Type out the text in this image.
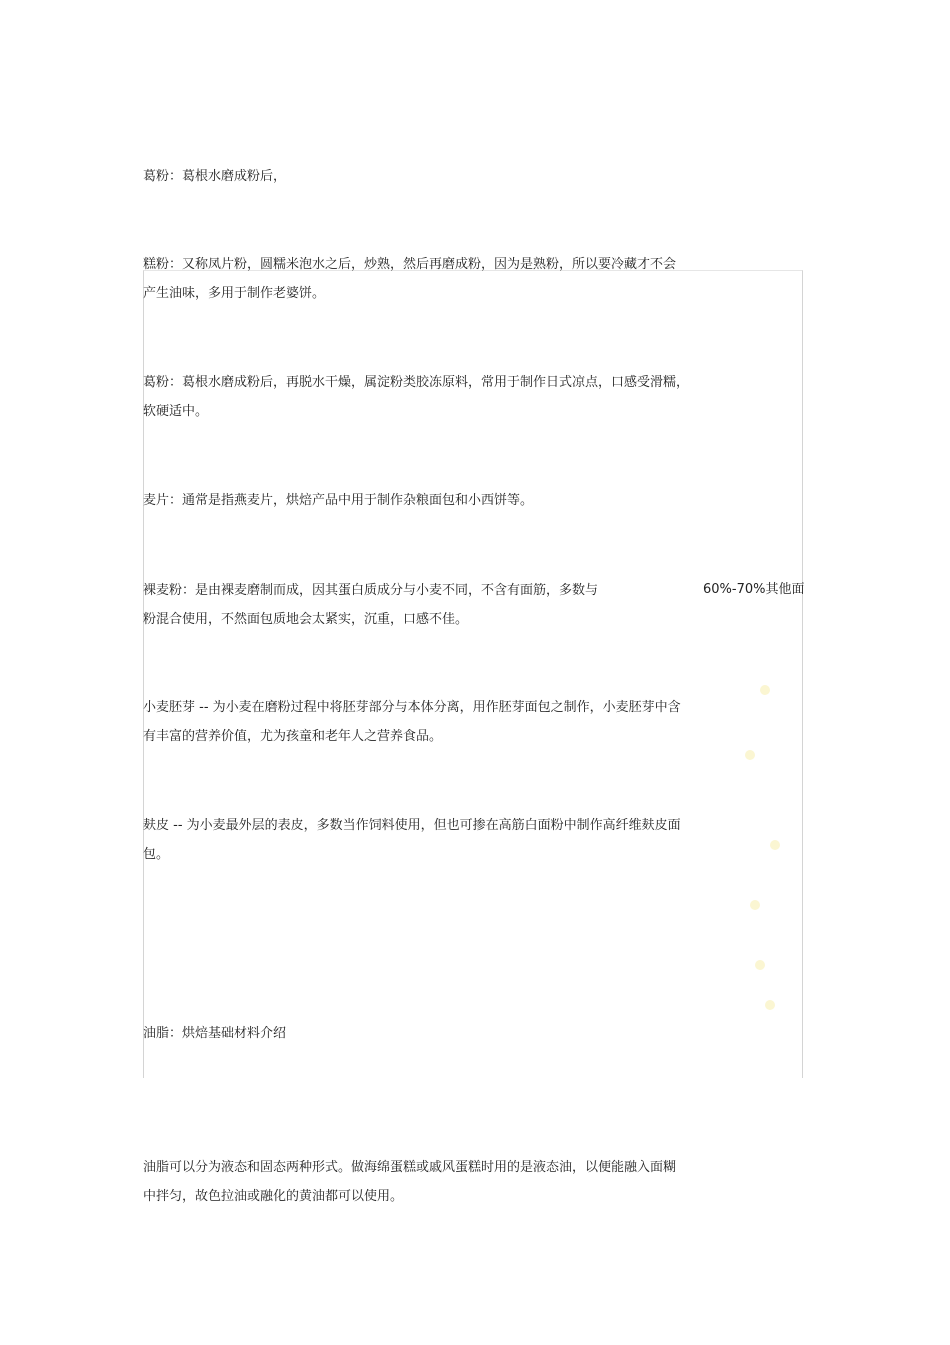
葛粉：葛根水磨成粉后，

糕粉：又称凤片粉，圆糯米泡水之后，炒熟，然后再磨成粉，因为是熟粉，所以要冷藏才不会
产生油味，多用于制作老婆饼。

葛粉：葛根水磨成粉后，再脱水干燥，属淀粉类胶冻原料，常用于制作日式凉点，口感受滑糯，
软硬适中。

麦片：通常是指燕麦片，烘焙产品中用于制作杂粮面包和小西饼等。

裸麦粉：是由裸麦磨制而成，因其蛋白质成分与小麦不同，不含有面筋，多数与
粉混合使用，不然面包质地会太紧实，沉重，口感不佳。

60%-70%其他面

小麦胚芽 -- 为小麦在磨粉过程中将胚芽部分与本体分离，用作胚芽面包之制作，小麦胚芽中含
有丰富的营养价值，尤为孩童和老年人之营养食品。

麸皮 -- 为小麦最外层的表皮，多数当作饲料使用，但也可掺在高筋白面粉中制作高纤维麸皮面
包。

油脂：烘焙基础材料介绍

油脂可以分为液态和固态两种形式。做海绵蛋糕或戚风蛋糕时用的是液态油，以便能融入面糊
中拌匀，故色拉油或融化的黄油都可以使用。
